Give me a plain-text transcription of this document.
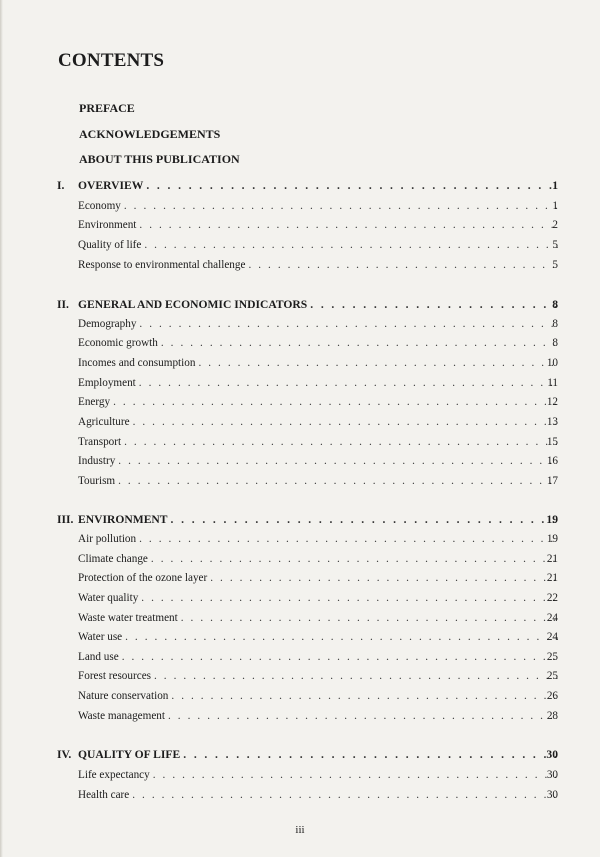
CONTENTS
PREFACE
ACKNOWLEDGEMENTS
ABOUT THIS PUBLICATION
I. OVERVIEW . . .	1
Economy . . .	1
Environment . . .	2
Quality of life . . .	5
Response to environmental challenge . . .	5
II. GENERAL AND ECONOMIC INDICATORS . . .	8
Demography . . .	8
Economic growth . . .	8
Incomes and consumption . . .	10
Employment . . .	11
Energy . . .	12
Agriculture . . .	13
Transport . . .	15
Industry . . .	16
Tourism . . .	17
III. ENVIRONMENT . . .	19
Air pollution . . .	19
Climate change . . .	21
Protection of the ozone layer . . .	21
Water quality . . .	22
Waste water treatment . . .	24
Water use . . .	24
Land use . . .	25
Forest resources . . .	25
Nature conservation . . .	26
Waste management . . .	28
IV. QUALITY OF LIFE . . .	30
Life expectancy . . .	30
Health care . . .	30
iii
